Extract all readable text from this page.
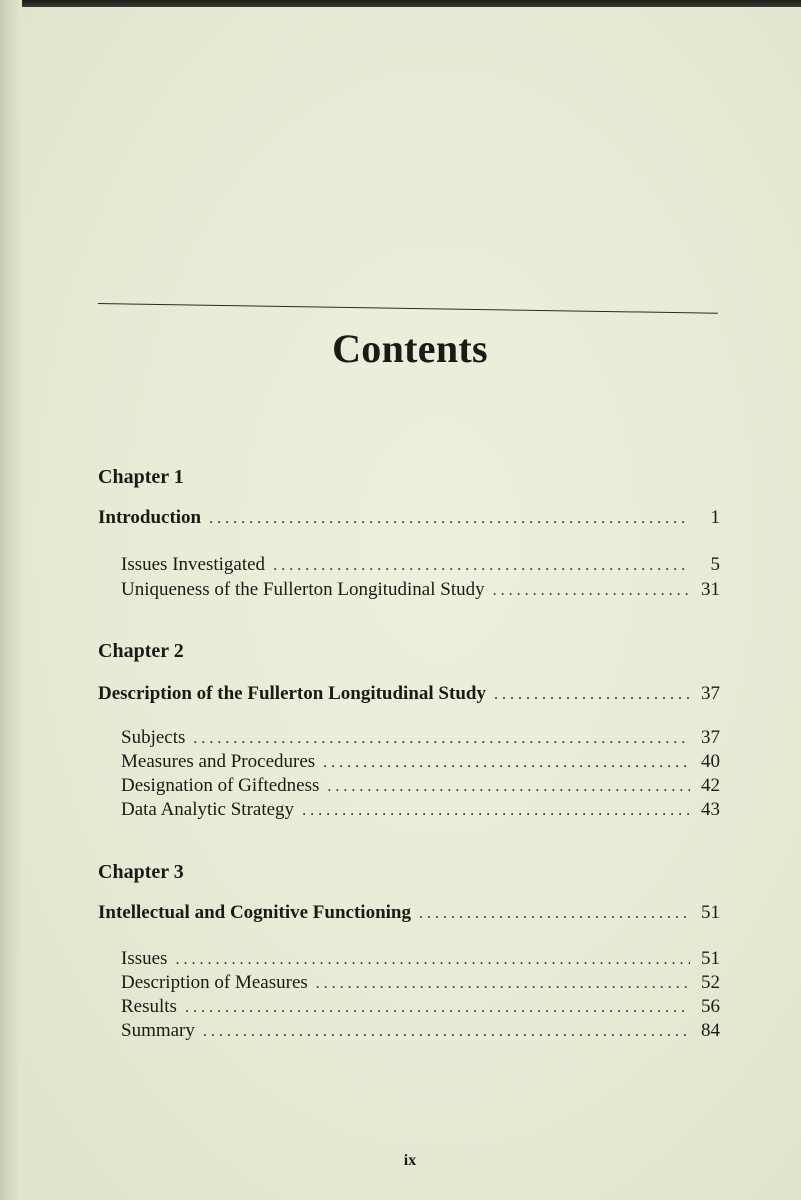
Contents
Chapter 1
Introduction . . .	1
Issues Investigated . . .	5
Uniqueness of the Fullerton Longitudinal Study . . .	31
Chapter 2
Description of the Fullerton Longitudinal Study . . .	37
Subjects . . .	37
Measures and Procedures . . .	40
Designation of Giftedness . . .	42
Data Analytic Strategy . . .	43
Chapter 3
Intellectual and Cognitive Functioning . . .	51
Issues . . .	51
Description of Measures . . .	52
Results . . .	56
Summary . . .	84
ix
